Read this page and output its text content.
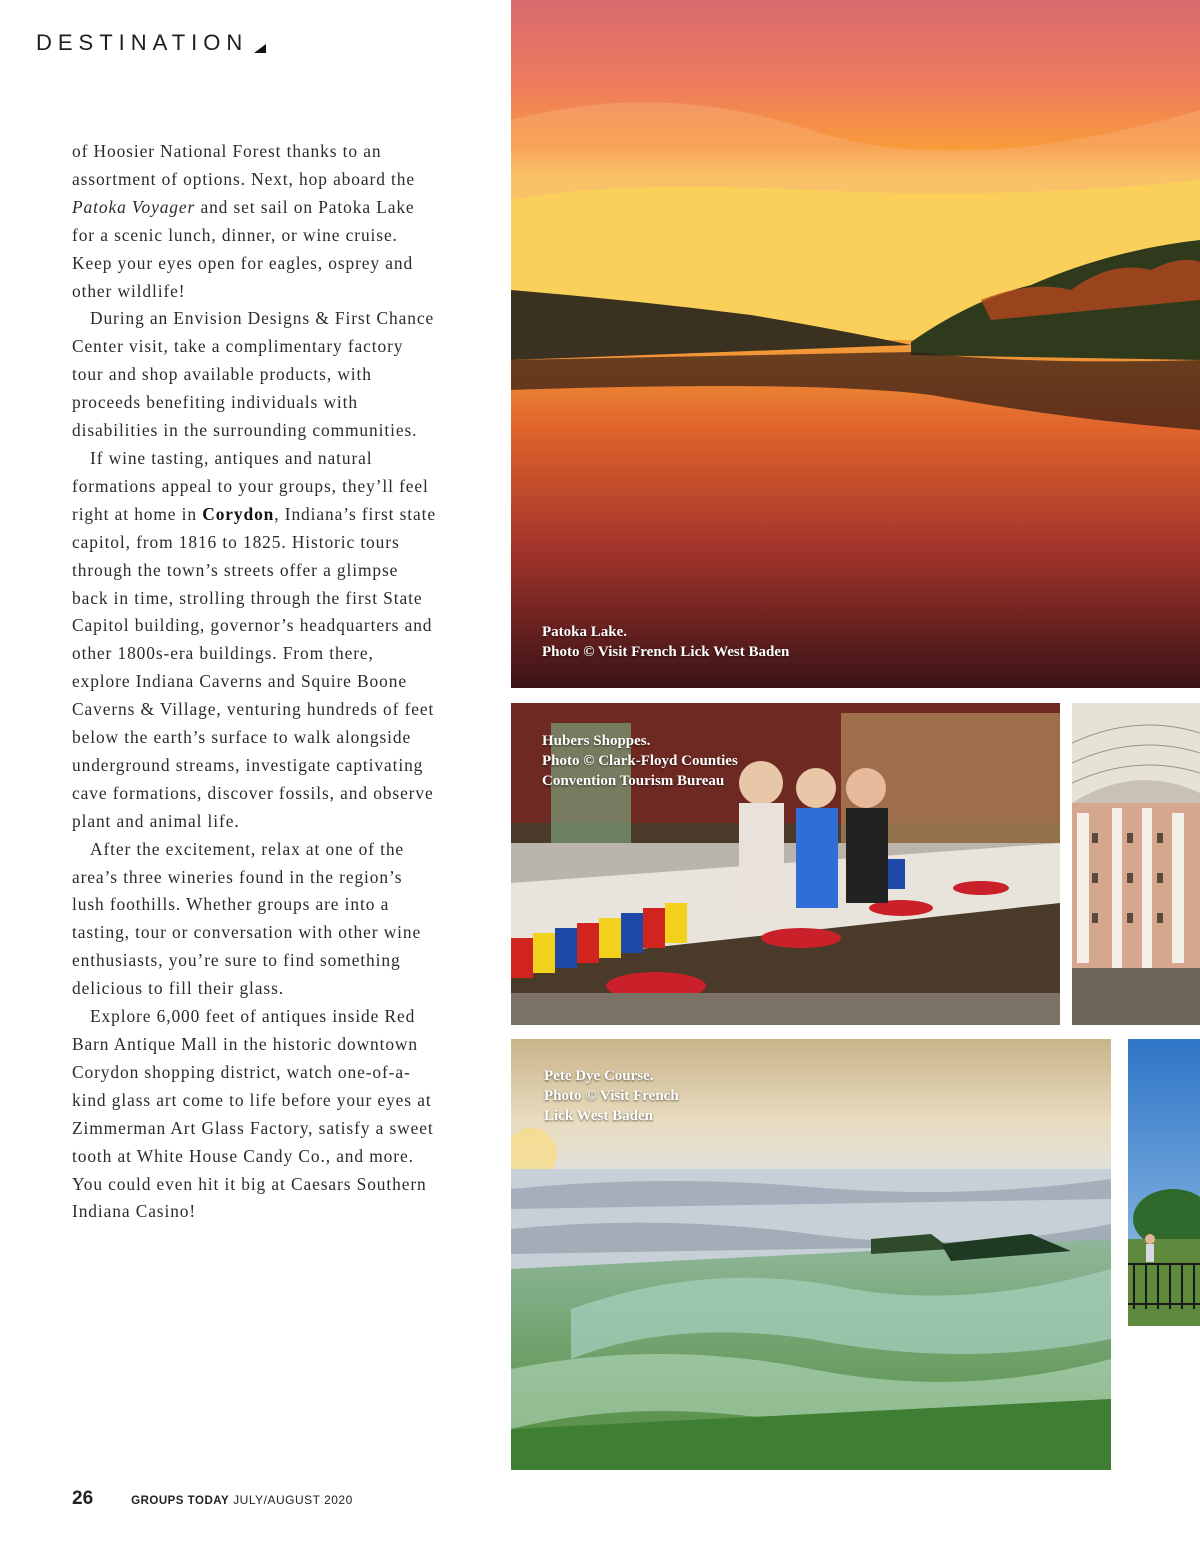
DESTINATION

of Hoosier National Forest thanks to an assortment of options. Next, hop aboard the Patoka Voyager and set sail on Patoka Lake for a scenic lunch, dinner, or wine cruise. Keep your eyes open for eagles, osprey and other wildlife!

During an Envision Designs & First Chance Center visit, take a complimentary factory tour and shop available products, with proceeds benefiting individuals with disabilities in the surrounding communities.

If wine tasting, antiques and natural formations appeal to your groups, they’ll feel right at home in Corydon, Indiana’s first state capitol, from 1816 to 1825. Historic tours through the town’s streets offer a glimpse back in time, strolling through the first State Capitol building, governor’s headquarters and other 1800s-era buildings. From there, explore Indiana Caverns and Squire Boone Caverns & Village, venturing hundreds of feet below the earth’s surface to walk alongside underground streams, investigate captivating cave formations, discover fossils, and observe plant and animal life.

After the excitement, relax at one of the area’s three wineries found in the region’s lush foothills. Whether groups are into a tasting, tour or conversation with other wine enthusiasts, you’re sure to find something delicious to fill their glass.

Explore 6,000 feet of antiques inside Red Barn Antique Mall in the historic downtown Corydon shopping district, watch one-of-a-kind glass art come to life before your eyes at Zimmerman Art Glass Factory, satisfy a sweet tooth at White House Candy Co., and more. You could even hit it big at Caesars Southern Indiana Casino!

Patoka Lake.
Photo © Visit French Lick West Baden
Hubers Shoppes.
Photo © Clark-Floyd Counties
Convention Tourism Bureau
Pete Dye Course.
Photo © Visit French
Lick West Baden
26	GROUPS TODAY JULY/AUGUST 2020
